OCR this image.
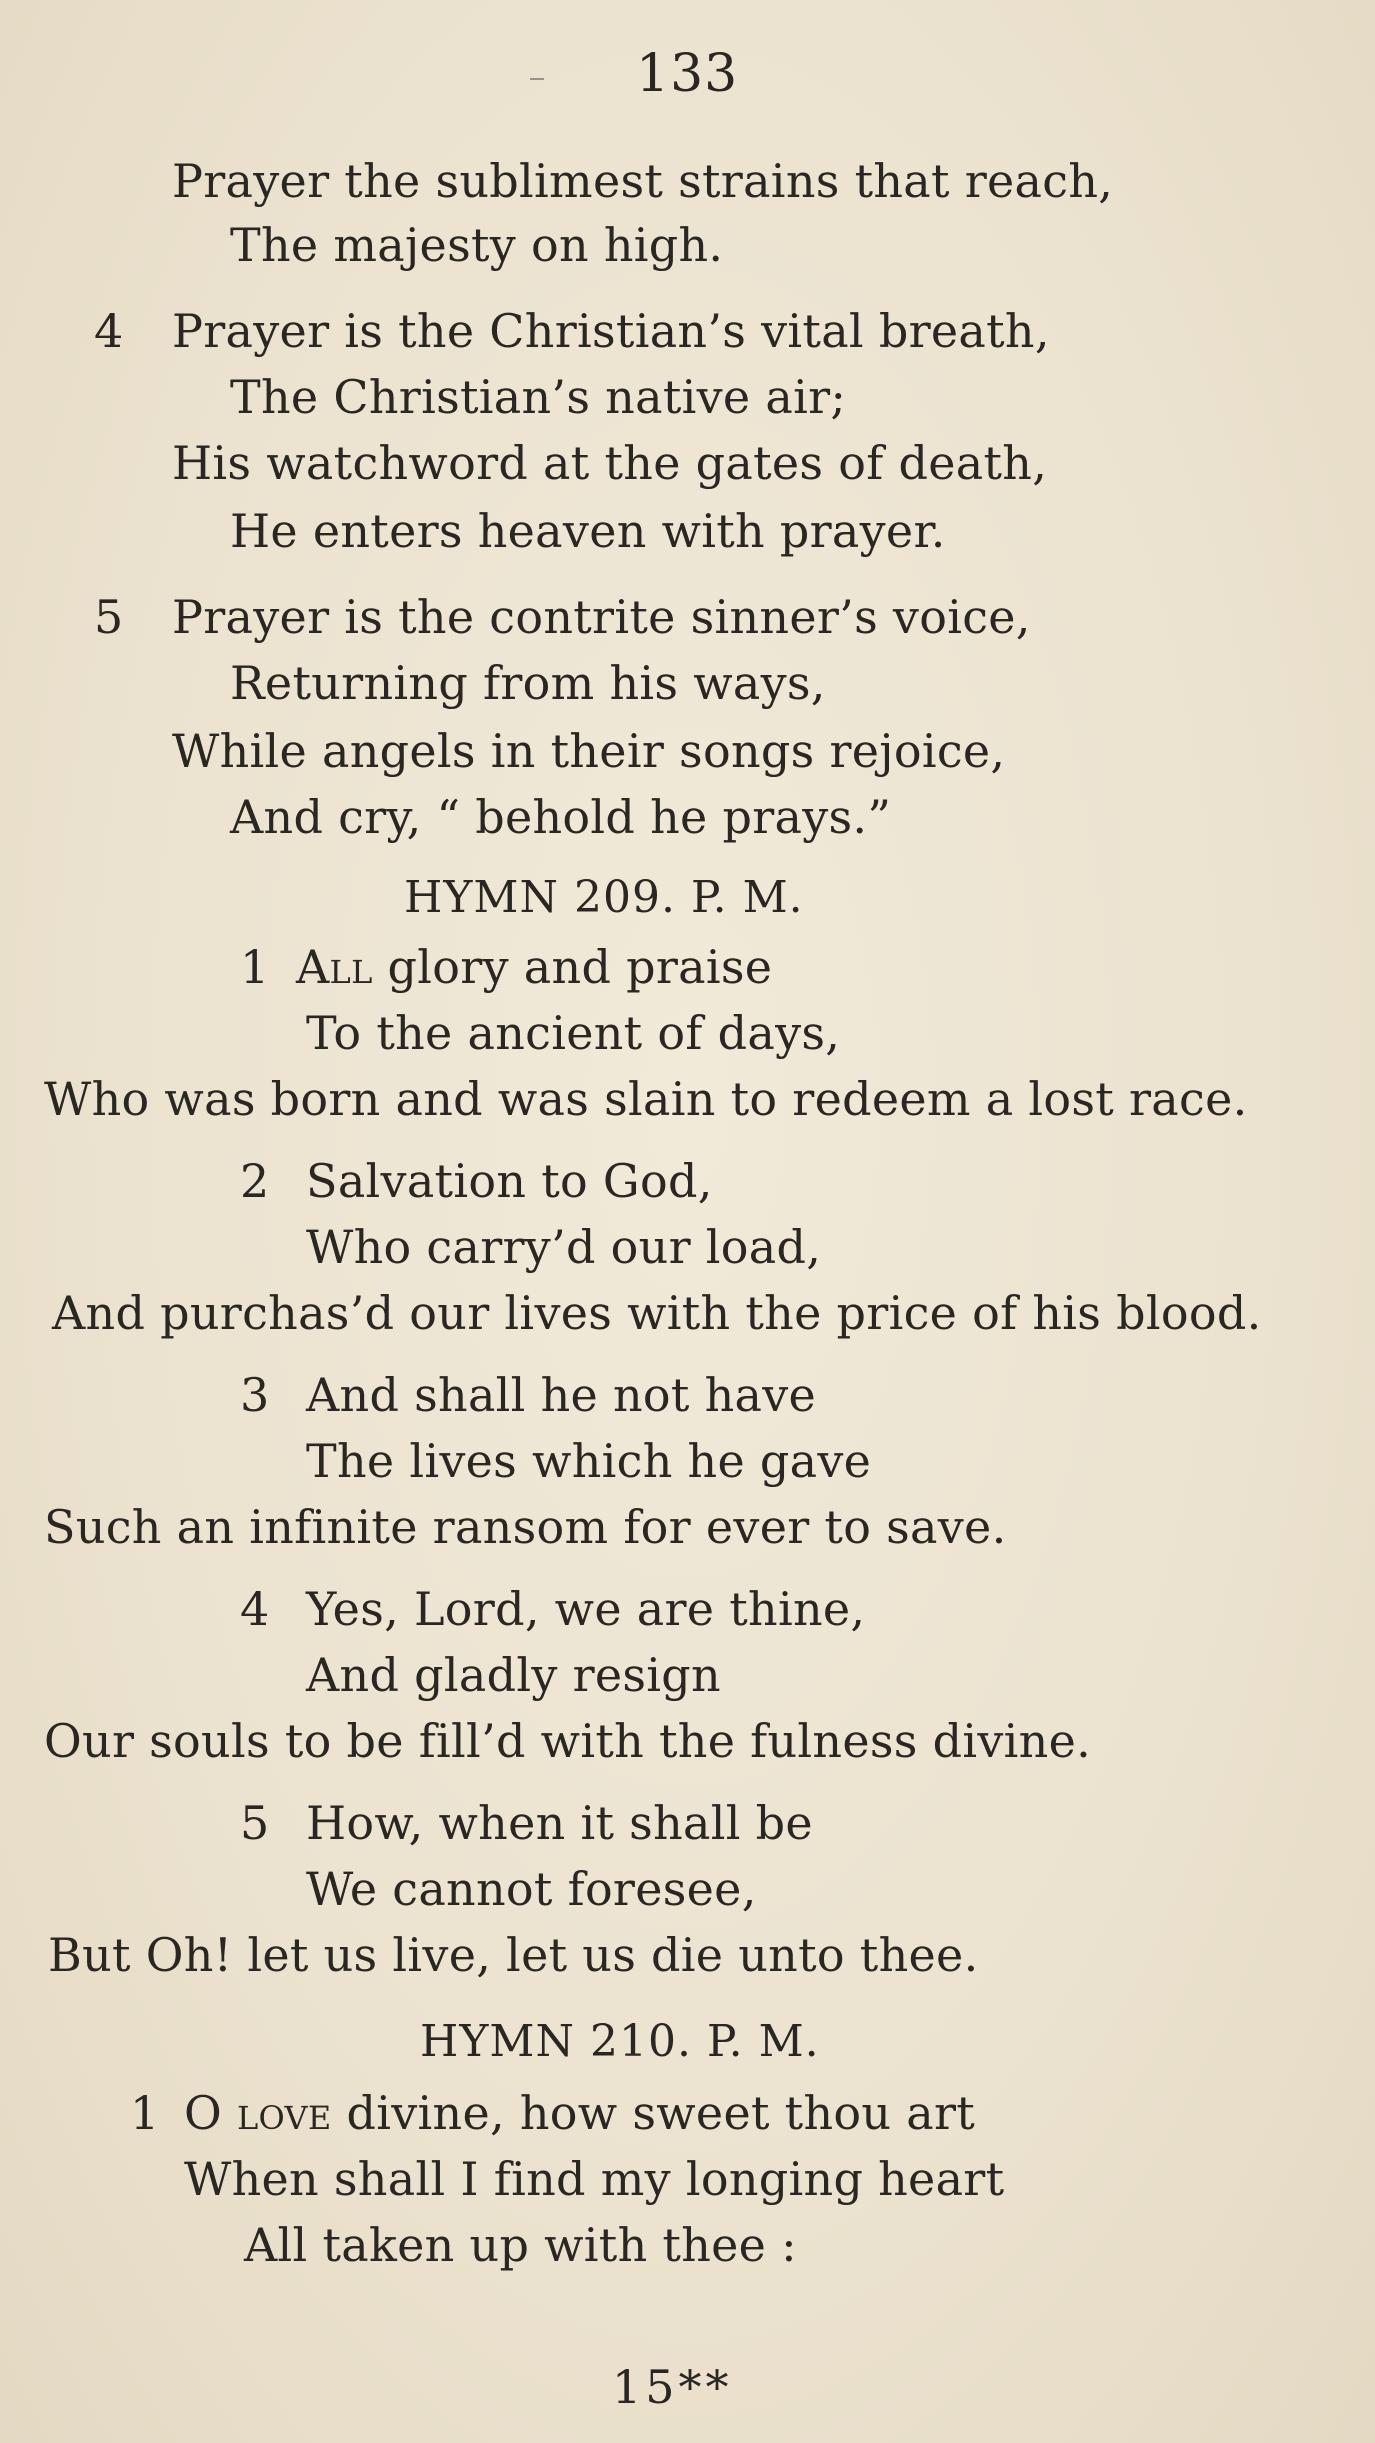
133
Prayer the sublimest strains that reach,
The majesty on high.
4 Prayer is the Christian’s vital breath,
The Christian’s native air;
His watchword at the gates of death,
He enters heaven with prayer.
5 Prayer is the contrite sinner’s voice,
Returning from his ways,
While angels in their songs rejoice,
And cry, “ behold he prays.”
HYMN 209. P. M.
1 All glory and praise
To the ancient of days,
Who was born and was slain to redeem a lost race.
2 Salvation to God,
Who carry’d our load,
And purchas’d our lives with the price of his blood.
3 And shall he not have
The lives which he gave
Such an infinite ransom for ever to save.
4 Yes, Lord, we are thine,
And gladly resign
Our souls to be fill’d with the fulness divine.
5 How, when it shall be
We cannot foresee,
But Oh! let us live, let us die unto thee.
HYMN 210. P. M.
1 O love divine, how sweet thou art
When shall I find my longing heart
All taken up with thee :
15**
